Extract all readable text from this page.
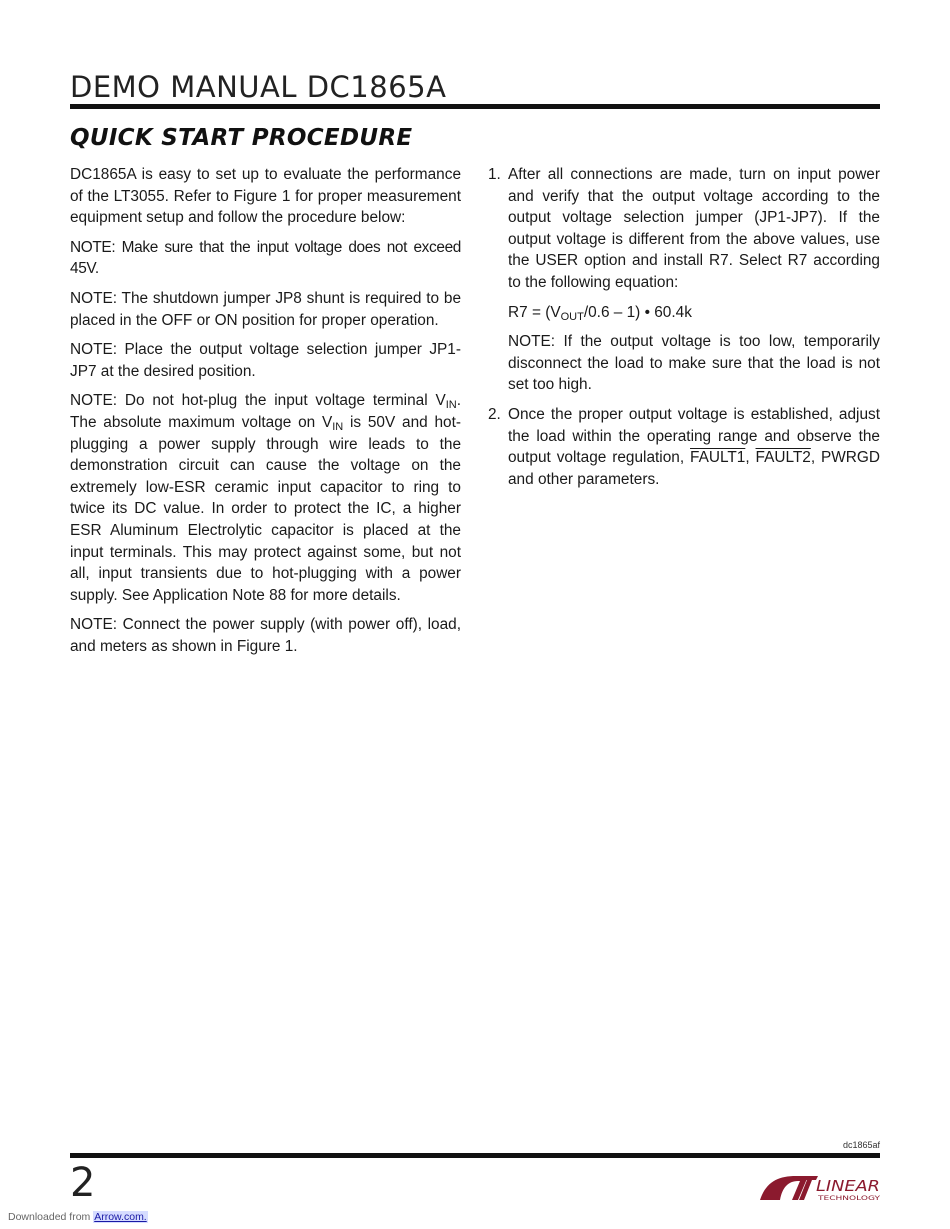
DEMO MANUAL DC1865A
QUICK START PROCEDURE

DC1865A is easy to set up to evaluate the performance of the LT3055. Refer to Figure 1 for proper measurement equipment setup and follow the procedure below:

NOTE: Make sure that the input voltage does not exceed 45V.

NOTE: The shutdown jumper JP8 shunt is required to be placed in the OFF or ON position for proper operation.

NOTE: Place the output voltage selection jumper JP1-JP7 at the desired position.

NOTE: Do not hot-plug the input voltage terminal $V_{IN}$. The absolute maximum voltage on $V_{IN}$ is 50V and hot-plugging a power supply through wire leads to the demonstration circuit can cause the voltage on the extremely low-ESR ceramic input capacitor to ring to twice its DC value. In order to protect the IC, a higher ESR Aluminum Electrolytic capacitor is placed at the input terminals. This may protect against some, but not all, input transients due to hot-plugging with a power supply. See Application Note 88 for more details.

NOTE: Connect the power supply (with power off), load, and meters as shown in Figure 1.

1. After all connections are made, turn on input power and verify that the output voltage according to the output voltage selection jumper (JP1-JP7). If the output voltage is different from the above values, use the USER option and install R7. Select R7 according to the following equation:

$R7 = (V_{OUT}/0.6 - 1)$ • 60.4k

NOTE: If the output voltage is too low, temporarily disconnect the load to make sure that the load is not set too high.

2. Once the proper output voltage is established, adjust the load within the operating range and observe the output voltage regulation, FAULT1, FAULT2, PWRGD and other parameters.

dc1865af
2	LINEAR
TECHNOLOGY
Downloaded from Arrow.com.
